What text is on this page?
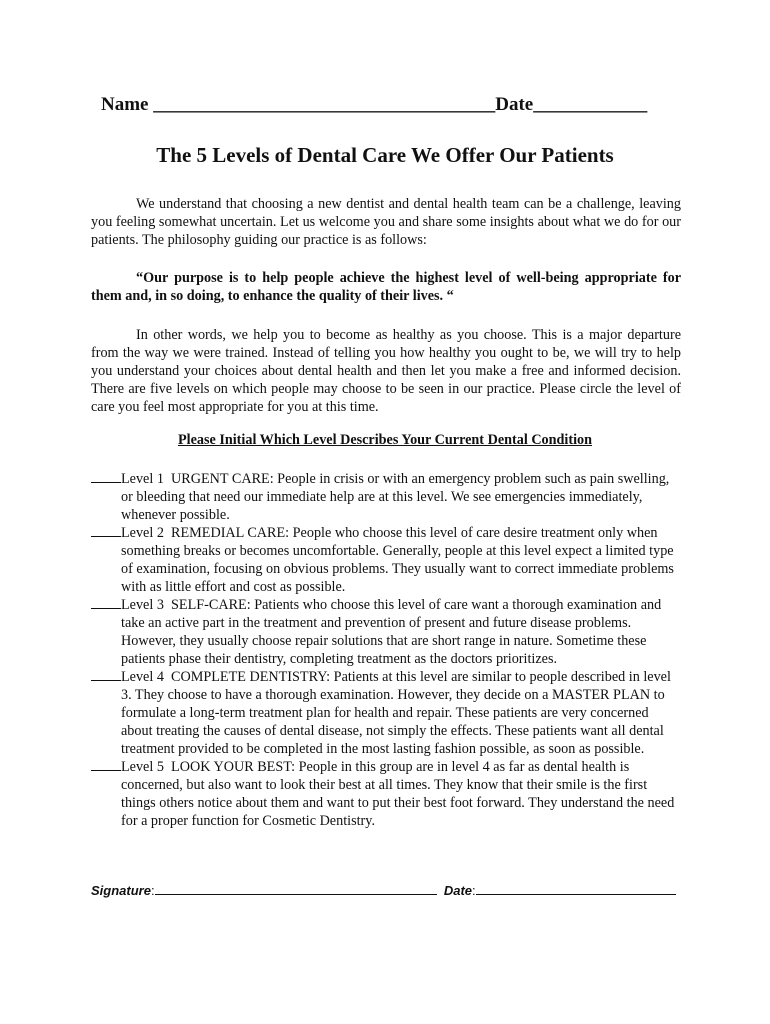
Name ____________________________________Date____________
The 5 Levels of Dental Care We Offer Our Patients

We understand that choosing a new dentist and dental health team can be a challenge, leaving you feeling somewhat uncertain. Let us welcome you and share some insights about what we do for our patients. The philosophy guiding our practice is as follows:

“Our purpose is to help people achieve the highest level of well-being appropriate for them and, in so doing, to enhance the quality of their lives. “

In other words, we help you to become as healthy as you choose. This is a major departure from the way we were trained. Instead of telling you how healthy you ought to be, we will try to help you understand your choices about dental health and then let you make a free and informed decision. There are five levels on which people may choose to be seen in our practice. Please circle the level of care you feel most appropriate for you at this time.

Please Initial Which Level Describes Your Current Dental Condition

Level 1 URGENT CARE: People in crisis or with an emergency problem such as pain swelling, or bleeding that need our immediate help are at this level. We see emergencies immediately, whenever possible.

Level 2 REMEDIAL CARE: People who choose this level of care desire treatment only when something breaks or becomes uncomfortable. Generally, people at this level expect a limited type of examination, focusing on obvious problems. They usually want to correct immediate problems with as little effort and cost as possible.

Level 3 SELF-CARE: Patients who choose this level of care want a thorough examination and take an active part in the treatment and prevention of present and future disease problems. However, they usually choose repair solutions that are short range in nature. Sometime these patients phase their dentistry, completing treatment as the doctors prioritizes.

Level 4 COMPLETE DENTISTRY: Patients at this level are similar to people described in level 3. They choose to have a thorough examination. However, they decide on a MASTER PLAN to formulate a long-term treatment plan for health and repair. These patients are very concerned about treating the causes of dental disease, not simply the effects. These patients want all dental treatment provided to be completed in the most lasting fashion possible, as soon as possible.

Level 5 LOOK YOUR BEST: People in this group are in level 4 as far as dental health is concerned, but also want to look their best at all times. They know that their smile is the first things others notice about them and want to put their best foot forward. They understand the need for a proper function for Cosmetic Dentistry.

Signature:	Date:
